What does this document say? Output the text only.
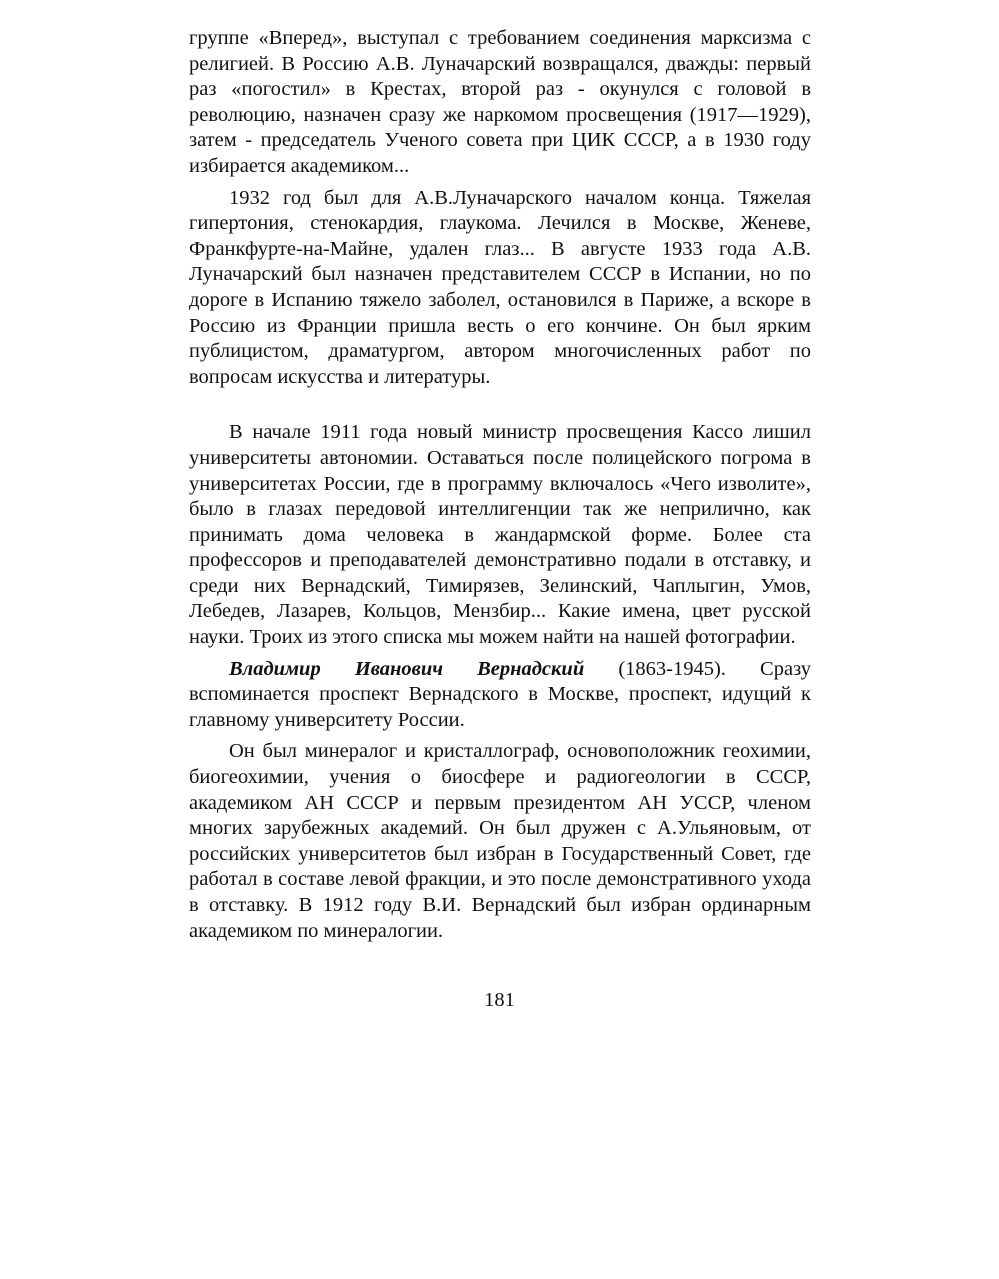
группе «Вперед», выступал с требованием соединения марксизма с религией. В Россию А.В. Луначарский возвращался, дважды: первый раз «погостил» в Крестах, второй раз - окунулся с головой в революцию, назначен сразу же наркомом просвещения (1917—1929), затем - председатель Ученого совета при ЦИК СССР, а в 1930 году избирается академиком...

1932 год был для А.В.Луначарского началом конца. Тяжелая гипертония, стенокардия, глаукома. Лечился в Москве, Женеве, Франкфурте-на-Майне, удален глаз... В августе 1933 года А.В. Луначарский был назначен представителем СССР в Испании, но по дороге в Испанию тяжело заболел, остановился в Париже, а вскоре в Россию из Франции пришла весть о его кончине. Он был ярким публицистом, драматургом, автором многочисленных работ по вопросам искусства и литературы.

В начале 1911 года новый министр просвещения Кассо лишил университеты автономии. Оставаться после полицейского погрома в университетах России, где в программу включалось «Чего изволите», было в глазах передовой интеллигенции так же неприлично, как принимать дома человека в жандармской форме. Более ста профессоров и преподавателей демонстративно подали в отставку, и среди них Вернадский, Тимирязев, Зелинский, Чаплыгин, Умов, Лебедев, Лазарев, Кольцов, Мензбир... Какие имена, цвет русской науки. Троих из этого списка мы можем найти на нашей фотографии.

Владимир Иванович Вернадский (1863-1945). Сразу вспоминается проспект Вернадского в Москве, проспект, идущий к главному университету России.

Он был минералог и кристаллограф, основоположник геохимии, биогеохимии, учения о биосфере и радиогеологии в СССР, академиком АН СССР и первым президентом АН УССР, членом многих зарубежных академий. Он был дружен с А.Ульяновым, от российских университетов был избран в Государственный Совет, где работал в составе левой фракции, и это после демонстративного ухода в отставку. В 1912 году В.И. Вернадский был избран ординарным академиком по минералогии.

181
